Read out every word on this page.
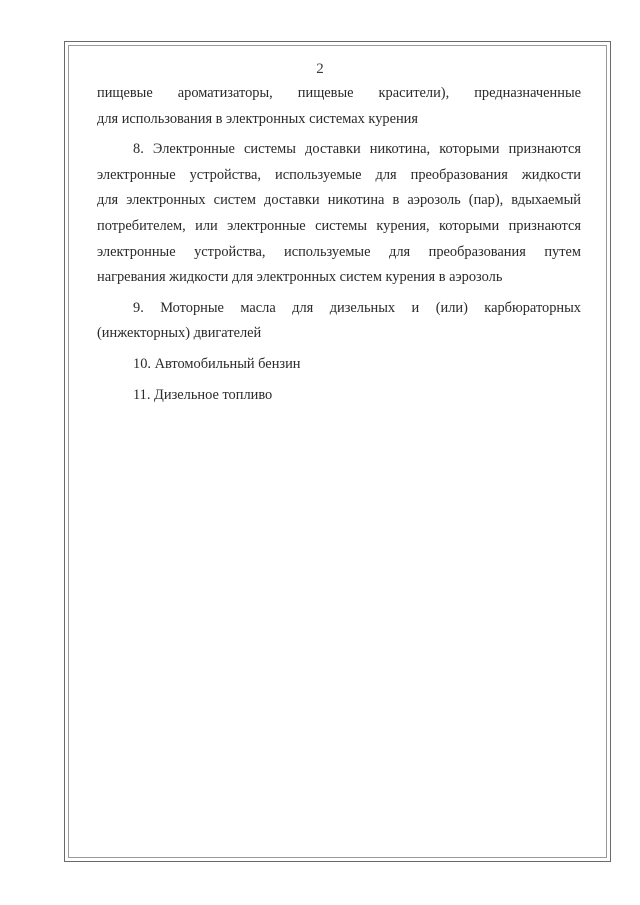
2
пищевые ароматизаторы, пищевые красители), предназначенные
для использования в электронных системах курения
8. Электронные системы доставки никотина, которыми признаются
электронные устройства, используемые для преобразования жидкости
для электронных систем доставки никотина в аэрозоль (пар), вдыхаемый
потребителем, или электронные системы курения, которыми признаются
электронные устройства, используемые для преобразования путем
нагревания жидкости для электронных систем курения в аэрозоль
9. Моторные масла для дизельных и (или) карбюраторных
(инжекторных) двигателей
10. Автомобильный бензин
11. Дизельное топливо
